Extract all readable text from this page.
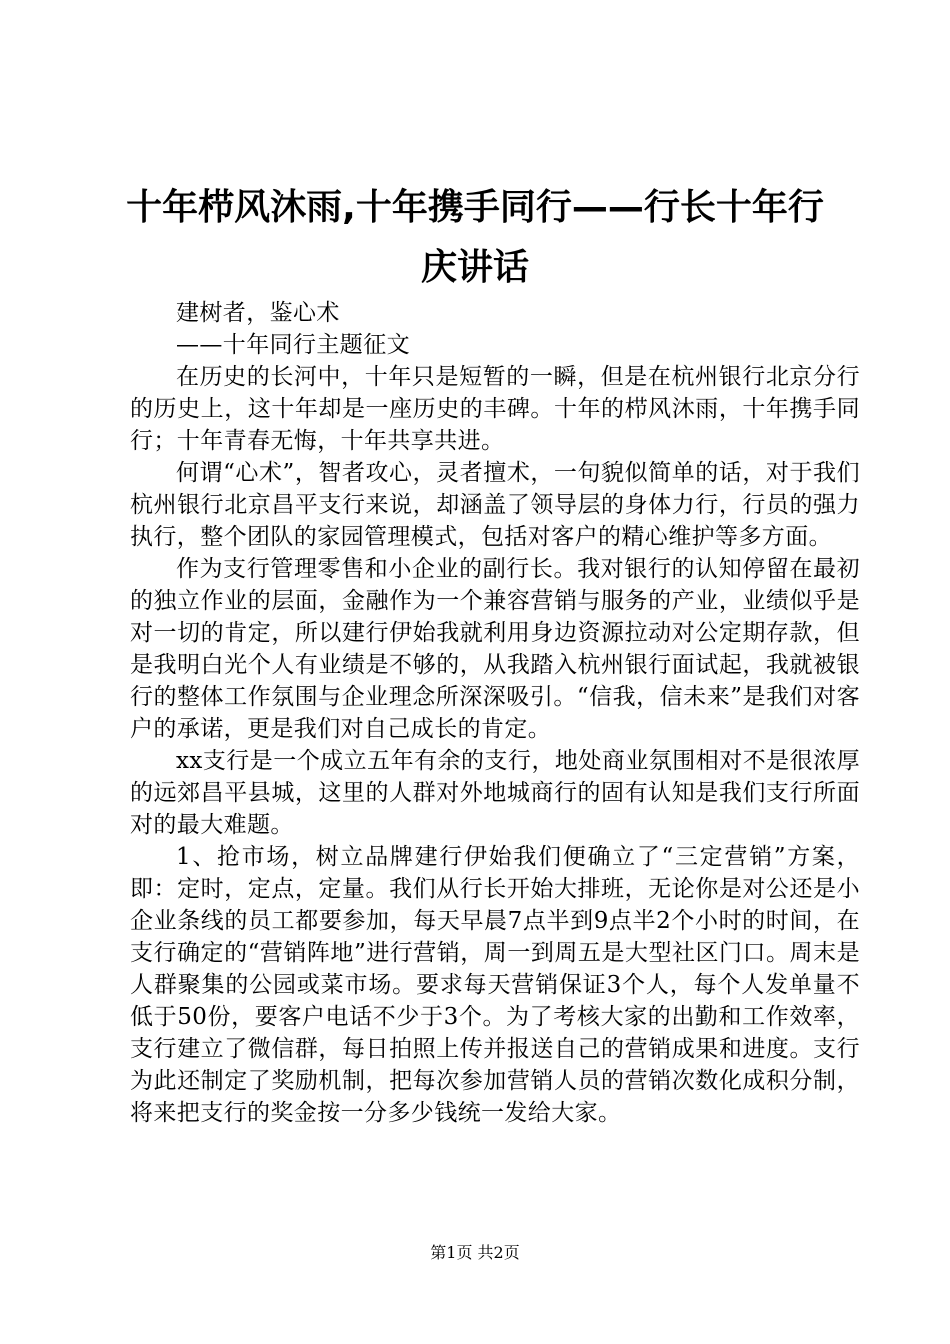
十年栉风沐雨,十年携手同行——行长十年行
庆讲话

建树者，鉴心术

——十年同行主题征文

在历史的长河中，十年只是短暂的一瞬，但是在杭州银行北京分行的历史上，这十年却是一座历史的丰碑。十年的栉风沐雨，十年携手同行；十年青春无悔，十年共享共进。

何谓“心术”，智者攻心，灵者擅术，一句貌似简单的话，对于我们杭州银行北京昌平支行来说，却涵盖了领导层的身体力行，行员的强力执行，整个团队的家园管理模式，包括对客户的精心维护等多方面。

作为支行管理零售和小企业的副行长。我对银行的认知停留在最初的独立作业的层面，金融作为一个兼容营销与服务的产业，业绩似乎是对一切的肯定，所以建行伊始我就利用身边资源拉动对公定期存款，但是我明白光个人有业绩是不够的，从我踏入杭州银行面试起，我就被银行的整体工作氛围与企业理念所深深吸引。“信我，信未来”是我们对客户的承诺，更是我们对自己成长的肯定。

xx支行是一个成立五年有余的支行，地处商业氛围相对不是很浓厚的远郊昌平县城，这里的人群对外地城商行的固有认知是我们支行所面对的最大难题。

1、抢市场，树立品牌建行伊始我们便确立了“三定营销”方案，即：定时，定点，定量。我们从行长开始大排班，无论你是对公还是小企业条线的员工都要参加，每天早晨7点半到9点半2个小时的时间，在支行确定的“营销阵地”进行营销，周一到周五是大型社区门口。周末是人群聚集的公园或菜市场。要求每天营销保证3个人，每个人发单量不低于50份，要客户电话不少于3个。为了考核大家的出勤和工作效率，支行建立了微信群，每日拍照上传并报送自己的营销成果和进度。支行为此还制定了奖励机制，把每次参加营销人员的营销次数化成积分制，将来把支行的奖金按一分多少钱统一发给大家。

第1页 共2页
